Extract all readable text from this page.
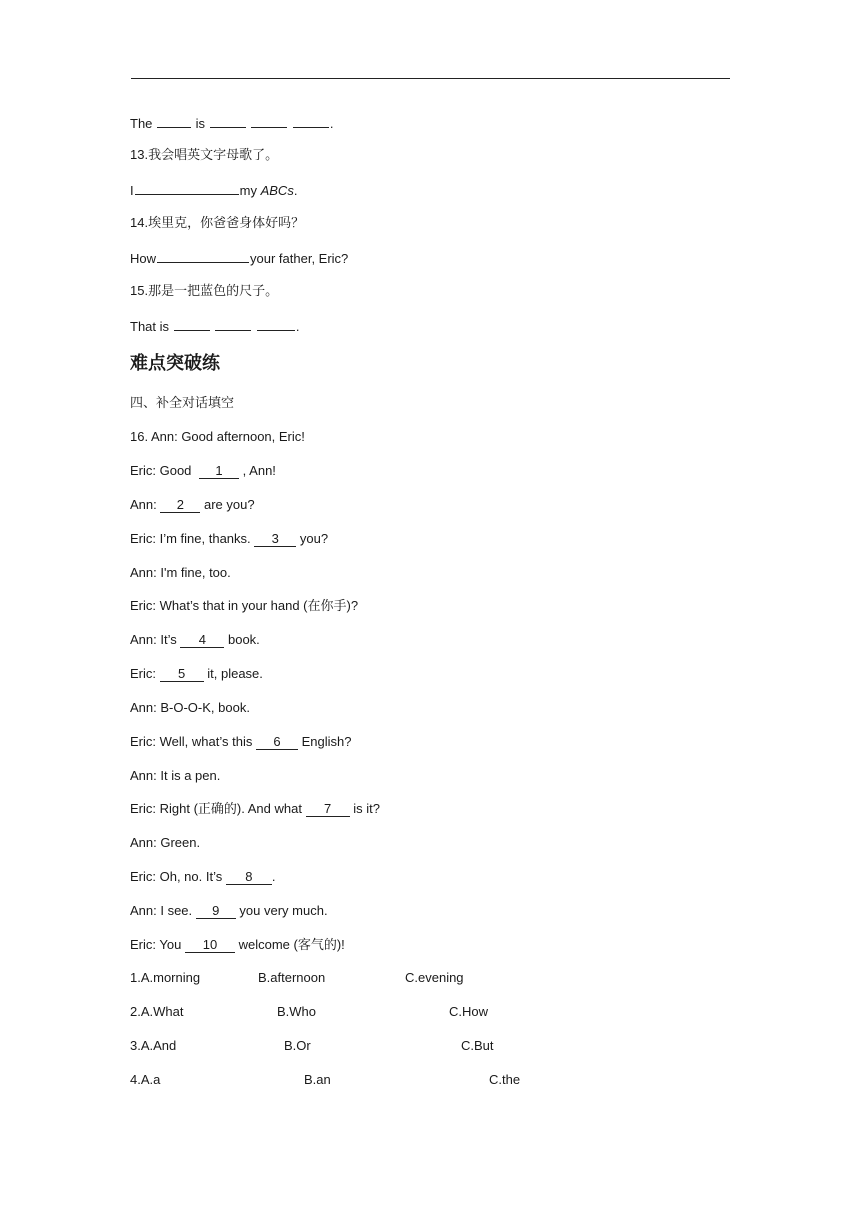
The	is	.
13.我会唱英文字母歌了。
I	my ABCs.
14.埃里克，你爸爸身体好吗？
How	your father, Eric?
15.那是一把蓝色的尺子。
That is	.
难点突破练
四、补全对话填空
16. Ann: Good afternoon, Eric!
Eric: Good 1 , Ann!
Ann: 2 are you?
Eric: I’m fine, thanks. 3 you?
Ann: I'm fine, too.
Eric: What’s that in your hand (在你手)?
Ann: It’s 4 book.
Eric: 5 it, please.
Ann: B-O-O-K, book.
Eric: Well, what’s this 6 English?
Ann: It is a pen.
Eric: Right (正确的). And what 7 is it?
Ann: Green.
Eric: Oh, no. It’s 8 .
Ann: I see. 9 you very much.
Eric: You 10 welcome (客气的)!
1.A.morning	B.afternoon	C.evening
2.A.What	B.Who	C.How
3.A.And	B.Or	C.But
4.A.a	B.an	C.the
